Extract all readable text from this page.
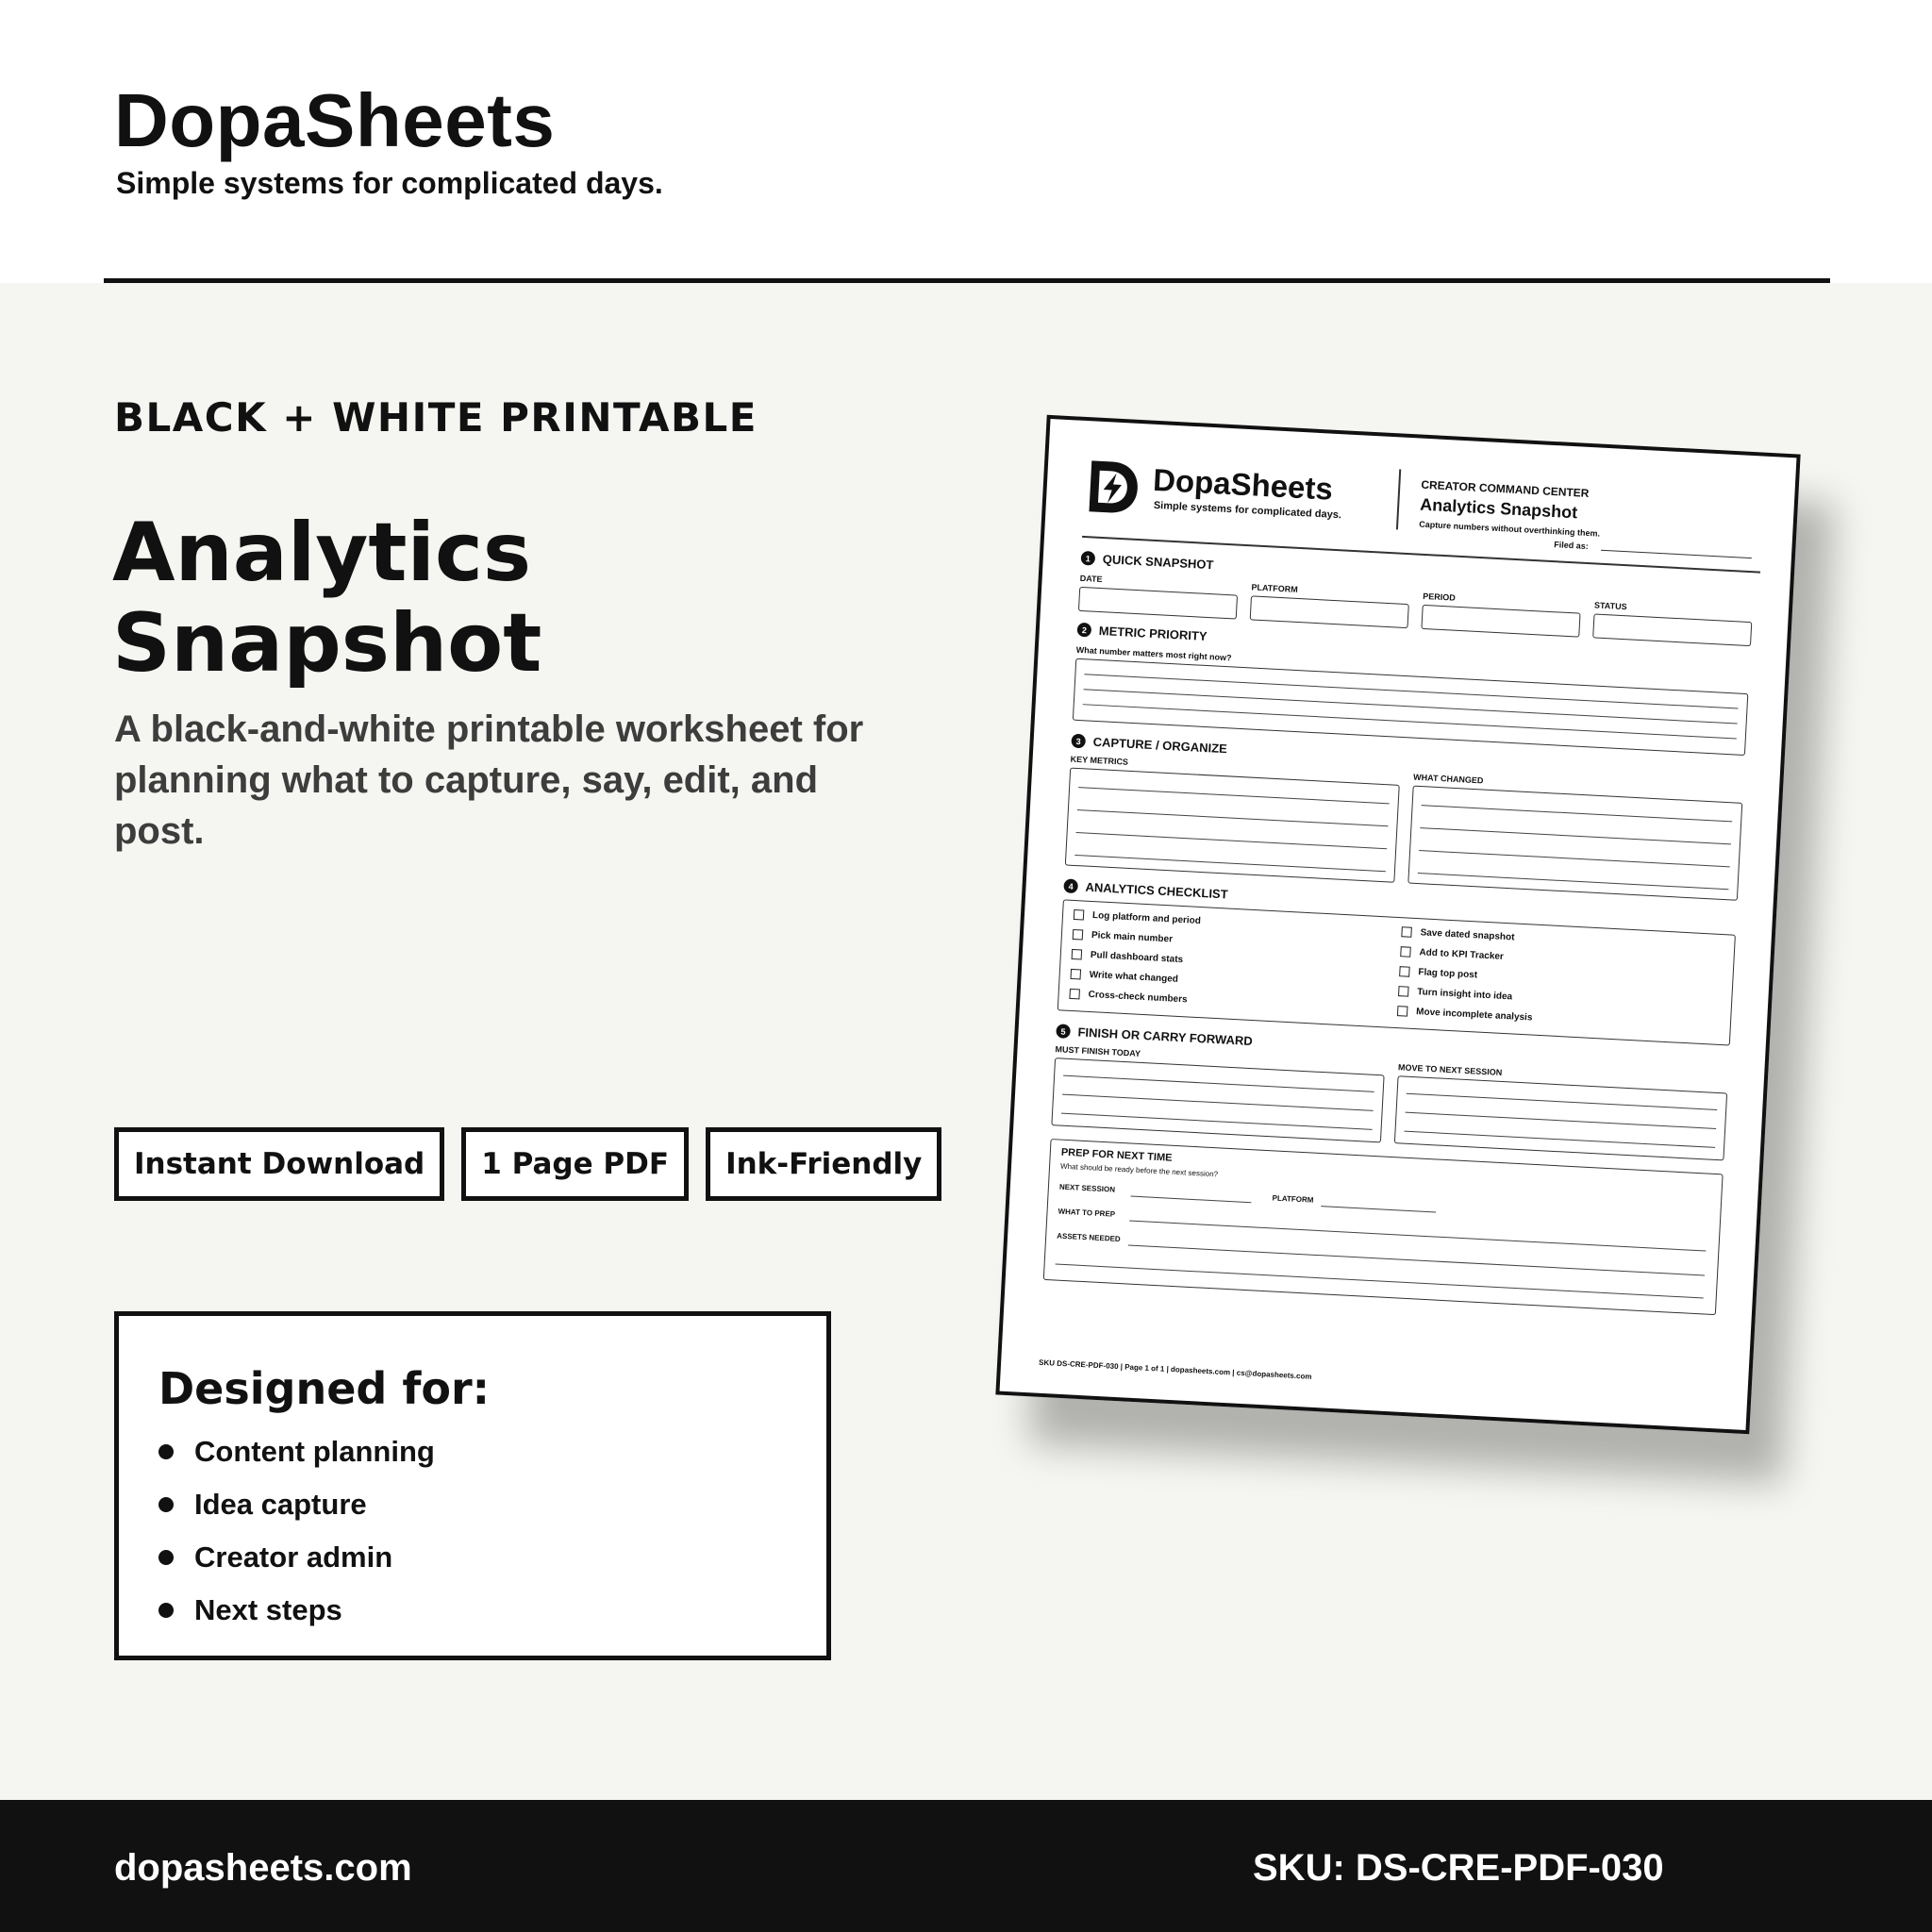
DopaSheets
Simple systems for complicated days.
BLACK + WHITE PRINTABLE
Analytics
Snapshot
A black-and-white printable worksheet for planning what to capture, say, edit, and post.
Instant Download	1 Page PDF	Ink-Friendly
Designed for:
Content planning
Idea capture
Creator admin
Next steps
DopaSheets
Simple systems for complicated days.
CREATOR COMMAND CENTER
Analytics Snapshot
Capture numbers without overthinking them.
Filed as:
1 QUICK SNAPSHOT
DATE
PLATFORM
PERIOD
STATUS
2 METRIC PRIORITY
What number matters most right now?
3 CAPTURE / ORGANIZE
KEY METRICS
WHAT CHANGED
4 ANALYTICS CHECKLIST
Log platform and period
Pick main number
Pull dashboard stats
Write what changed
Cross-check numbers
Save dated snapshot
Add to KPI Tracker
Flag top post
Turn insight into idea
Move incomplete analysis
5 FINISH OR CARRY FORWARD
MUST FINISH TODAY
MOVE TO NEXT SESSION
PREP FOR NEXT TIME
What should be ready before the next session?
NEXT SESSION
PLATFORM
WHAT TO PREP
ASSETS NEEDED
SKU DS-CRE-PDF-030 | Page 1 of 1 | dopasheets.com | cs@dopasheets.com
dopasheets.com	SKU: DS-CRE-PDF-030
